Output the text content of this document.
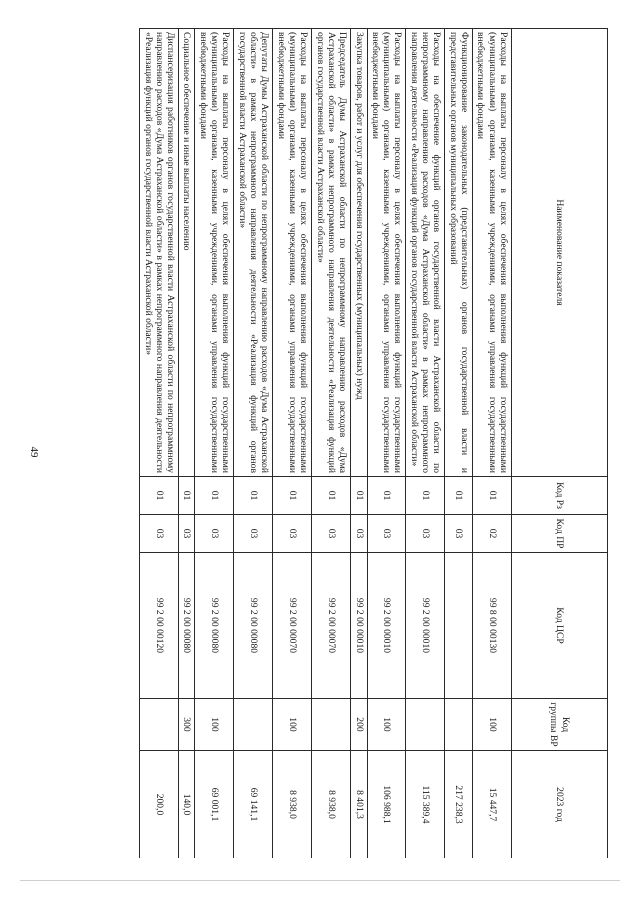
49
Наименование показателя	Код Рз	Код ПР	Код ЦСР	Код группы ВР	2023 год
Расходы на выплаты персоналу в целях обеспечения выполнения функций государственными (муниципальными) органами, казенными учреждениями, органами управления государственными внебюджетными фондами	01	02	99 8 00 00130	100	15 447,7
Функционирование законодательных (представительных) органов государственной власти и представительных органов муниципальных образований	01	03			217 238,3
Расходы на обеспечение функций органов государственной власти Астраханской области по непрограммному направлению расходов «Дума Астраханской области» в рамках непрограммного направления деятельности «Реализация функций органов государственной власти Астраханской области»	01	03	99 2 00 00010		115 389,4
Расходы на выплаты персоналу в целях обеспечения выполнения функций государственными (муниципальными) органами, казенными учреждениями, органами управления государственными внебюджетными фондами	01	03	99 2 00 00010	100	106 988,1
Закупка товаров, работ и услуг для обеспечения государственных (муниципальных) нужд	01	03	99 2 00 00010	200	8 401,3
Председатель Думы Астраханской области по непрограммному направлению расходов «Дума Астраханской области» в рамках непрограммного направления деятельности «Реализация функций органов государственной власти Астраханской области»	01	03	99 2 00 00070		8 938,0
Расходы на выплаты персоналу в целях обеспечения выполнения функций государственными (муниципальными) органами, казенными учреждениями, органами управления государственными внебюджетными фондами	01	03	99 2 00 00070	100	8 938,0
Депутаты Думы Астраханской области по непрограммному направлению расходов «Дума Астраханской области» в рамках непрограммного направления деятельности «Реализация функций органов государственной власти Астраханской области»	01	03	99 2 00 00080		69 141,1
Расходы на выплаты персоналу в целях обеспечения выполнения функций государственными (муниципальными) органами, казенными учреждениями, органами управления государственными внебюджетными фондами	01	03	99 2 00 00080	100	69 001,1
Социальное обеспечение и иные выплаты населению	01	03	99 2 00 00080	300	140,0
Диспансеризация работников органов государственной власти Астраханской области по непрограммному направлению расходов «Дума Астраханской области» в рамках непрограммного направления деятельности «Реализация функций органов государственной власти Астраханской области»	01	03	99 2 00 00120		200,0
